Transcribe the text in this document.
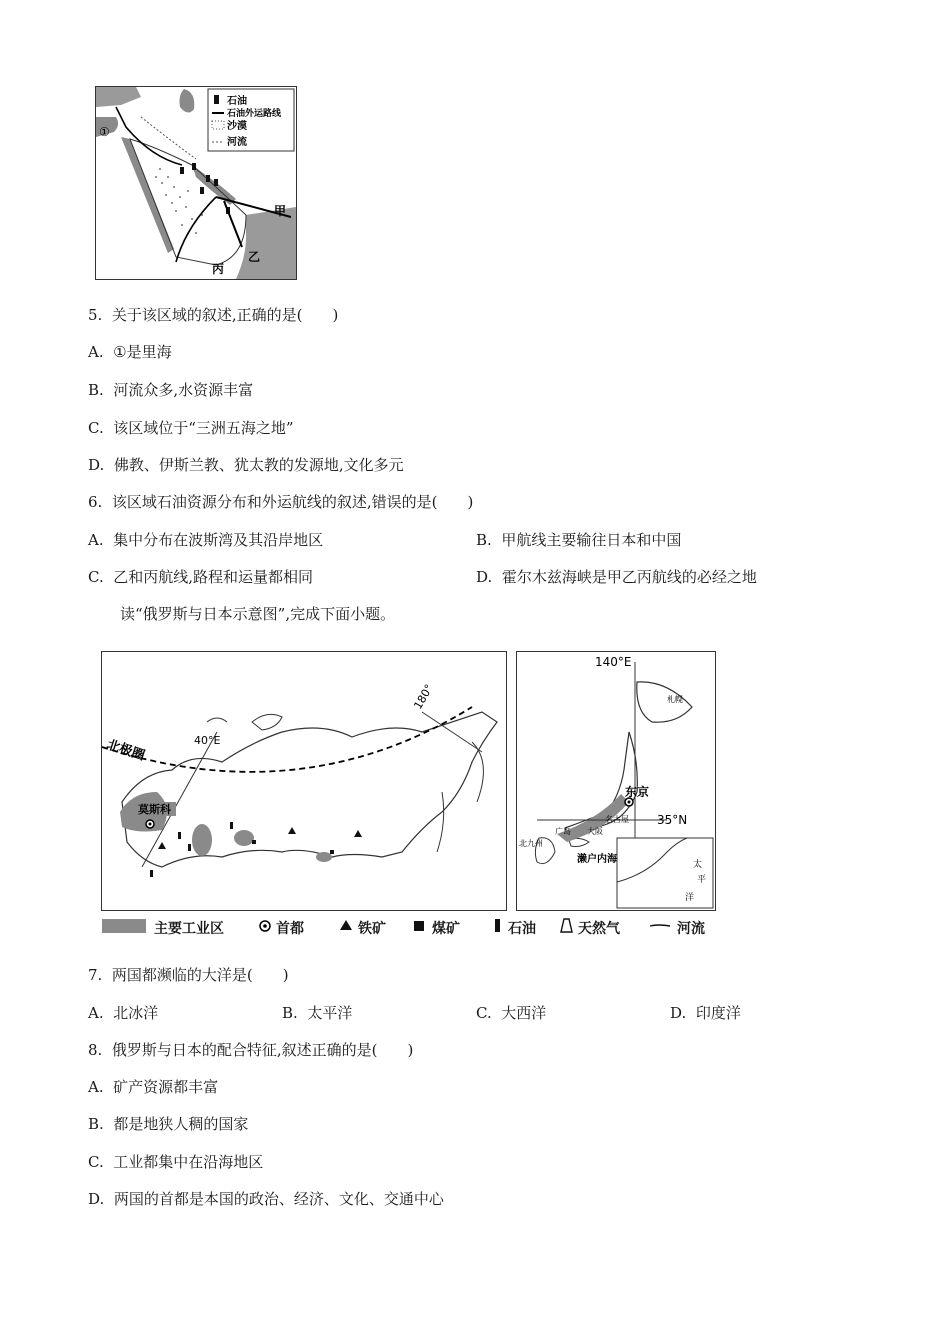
石油
石油外运路线
沙漠
河流
①
甲
乙
丙
5. 关于该区域的叙述,正确的是(　　)
A. ①是里海
B. 河流众多,水资源丰富
C. 该区域位于“三洲五海之地”
D. 佛教、伊斯兰教、犹太教的发源地,文化多元
6. 该区域石油资源分布和外运航线的叙述,错误的是(　　)
A. 集中分布在波斯湾及其沿岸地区	B. 甲航线主要输往日本和中国
C. 乙和丙航线,路程和运量都相同	D. 霍尔木兹海峡是甲乙丙航线的必经之地
读“俄罗斯与日本示意图”,完成下面小题。
北极圈	40°E
180°
莫斯科
140°E
35°N
东京
濑户内海
札幌
名古屋
大阪
广岛
北九州
太
平
洋
主要工业区	首都	铁矿	煤矿	石油	天然气	河流
7. 两国都濒临的大洋是(　　)
A. 北冰洋	B. 太平洋	C. 大西洋	D. 印度洋
8. 俄罗斯与日本的配合特征,叙述正确的是(　　)
A. 矿产资源都丰富
B. 都是地狭人稠的国家
C. 工业都集中在沿海地区
D. 两国的首都是本国的政治、经济、文化、交通中心
